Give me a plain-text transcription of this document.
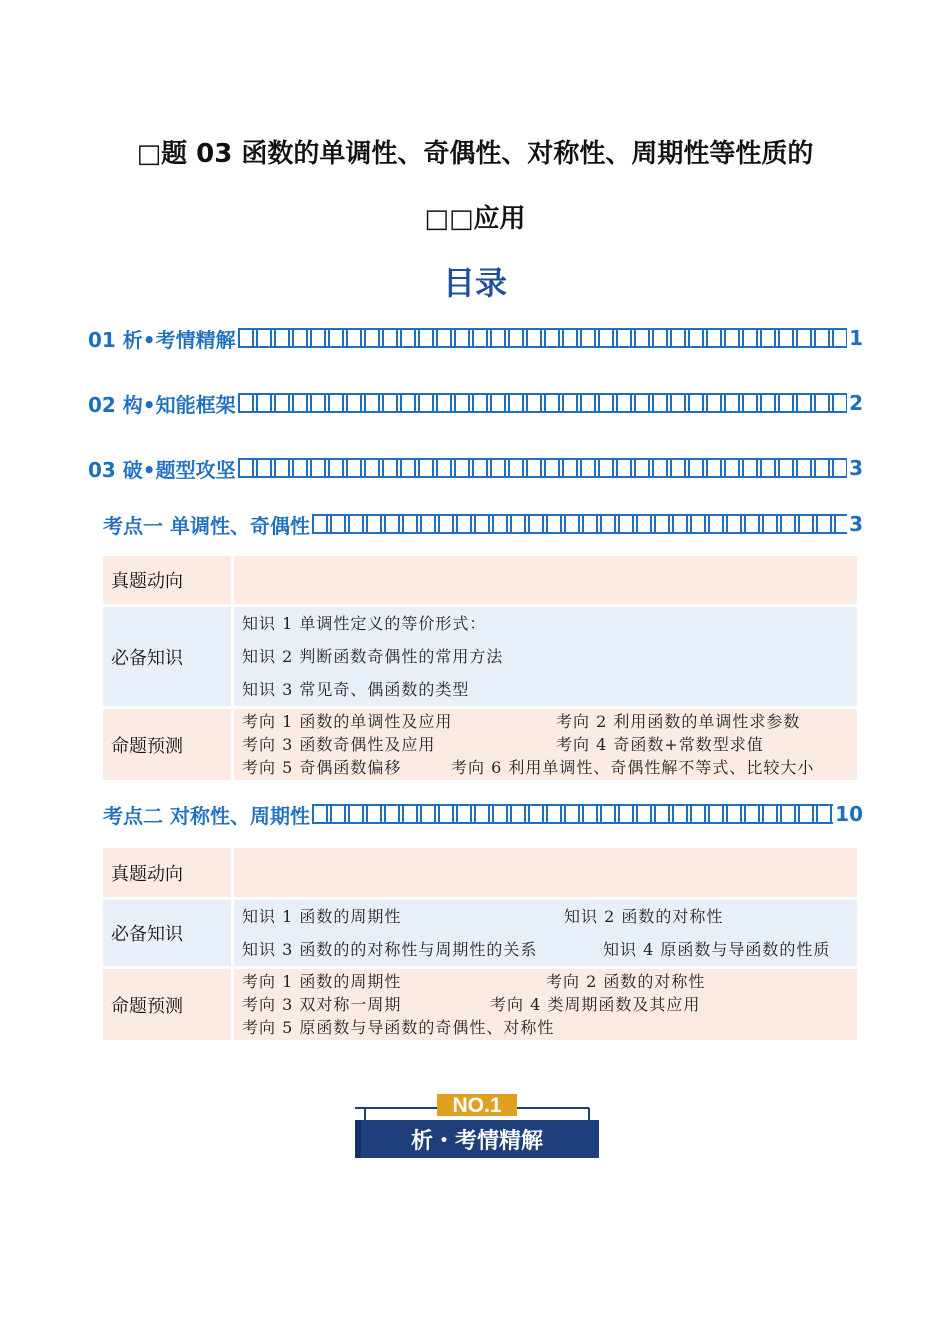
□题 03 函数的单调性、奇偶性、对称性、周期性等性质的
□□应用
目录
01 析•考情精解	1
02 构•知能框架	2
03 破•题型攻坚	3
考点一 单调性、奇偶性	3
真题动向	
必备知识	知识 1 单调性定义的等价形式：
知识 2 判断函数奇偶性的常用方法
知识 3 常见奇、偶函数的类型

命题预测	考向 1 函数的单调性及应用 考向 2 利用函数的单调性求参数
考向 3 函数奇偶性及应用 考向 4 奇函数+常数型求值
考向 5 奇偶函数偏移 考向 6 利用单调性、奇偶性解不等式、比较大小
考点二 对称性、周期性	10
真题动向	
必备知识	知识 1 函数的周期性 知识 2 函数的对称性
知识 3 函数的的对称性与周期性的关系 知识 4 原函数与导函数的性质

命题预测	考向 1 函数的周期性 考向 2 函数的对称性
考向 3 双对称一周期 考向 4 类周期函数及其应用
考向 5 原函数与导函数的奇偶性、对称性
NO.1
析・考情精解
